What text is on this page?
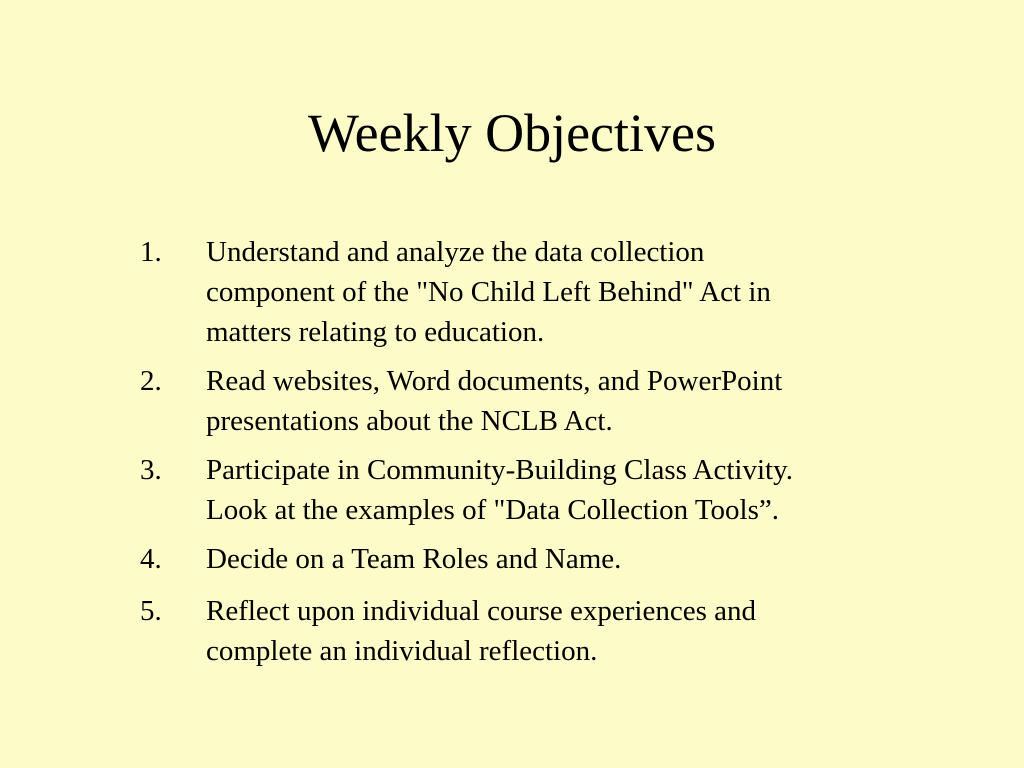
Weekly Objectives
1.	Understand and analyze the data collection
component of the "No Child Left Behind" Act in
matters relating to education.
2.	Read websites, Word documents, and PowerPoint
presentations about the NCLB Act.
3.	Participate in Community-Building Class Activity.
Look at the examples of "Data Collection Tools”.
4.	Decide on a Team Roles and Name.
5.	Reflect upon individual course experiences and
complete an individual reflection.
